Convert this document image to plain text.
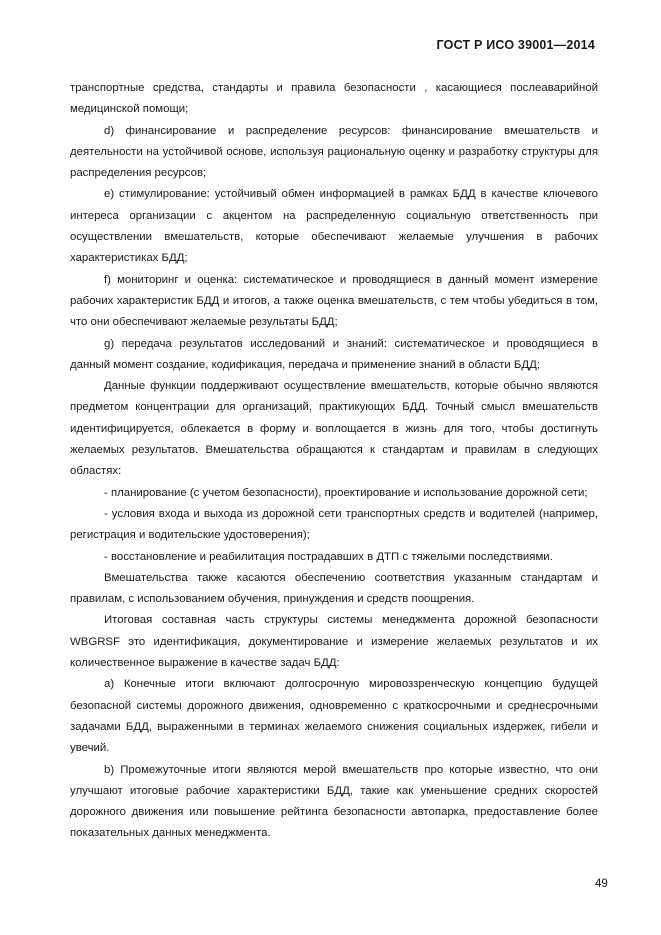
ГОСТ Р ИСО 39001—2014

транспортные средства, стандарты и правила безопасности , касающиеся послеаварийной медицинской помощи;

d) финансирование и распределение ресурсов: финансирование вмешательств и деятельности на устойчивой основе, используя рациональную оценку и разработку структуры для распределения ресурсов;

е) стимулирование: устойчивый обмен информацией в рамках БДД в качестве ключевого интереса организации с акцентом на распределенную социальную ответственность при осуществлении вмешательств, которые обеспечивают желаемые улучшения в рабочих характеристиках БДД;

f) мониторинг и оценка: систематическое и проводящиеся в данный момент измерение рабочих характеристик БДД и итогов, а также оценка вмешательств, с тем чтобы убедиться в том, что они обеспечивают желаемые результаты БДД;

g) передача результатов исследований и знаний: систематическое и проводящиеся в данный момент создание, кодификация, передача и применение знаний в области БДД;

Данные функции поддерживают осуществление вмешательств, которые обычно являются предметом концентрации для организаций, практикующих БДД. Точный смысл вмешательств идентифицируется, облекается в форму и воплощается в жизнь для того, чтобы достигнуть желаемых результатов. Вмешательства обращаются к стандартам и правилам в следующих областях:

- планирование (с учетом безопасности), проектирование и использование дорожной сети;

- условия входа и выхода из дорожной сети транспортных средств и водителей (например, регистрация и водительские удостоверения);

- восстановление и реабилитация пострадавших в ДТП с тяжелыми последствиями.

Вмешательства также касаются обеспечению соответствия указанным стандартам и правилам, с использованием обучения, принуждения и средств поощрения.

Итоговая составная часть структуры системы менеджмента дорожной безопасности WBGRSF это идентификация, документирование и измерение желаемых результатов и их количественное выражение в качестве задач БДД:

а) Конечные итоги включают долгосрочную мировоззренческую концепцию будущей безопасной системы дорожного движения, одновременно с краткосрочными и среднесрочными задачами БДД, выраженными в терминах желаемого снижения социальных издержек, гибели и увечий.

b) Промежуточные итоги являются мерой вмешательств про которые известно, что они улучшают итоговые рабочие характеристики БДД, такие как уменьшение средних скоростей дорожного движения или повышение рейтинга безопасности автопарка, предоставление более показательных данных менеджмента.

49
